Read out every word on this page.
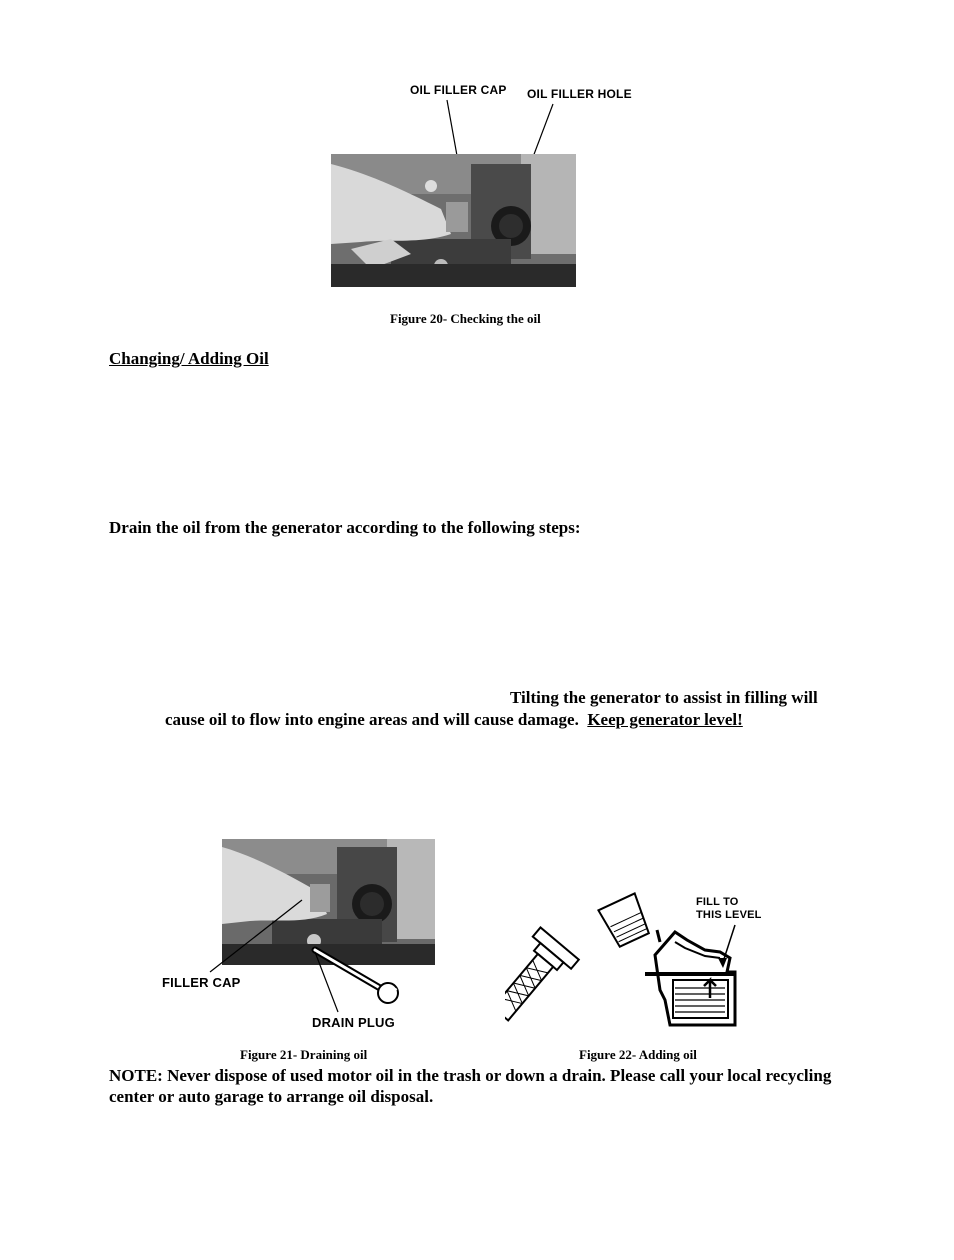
OIL FILLER CAP OIL FILLER HOLE
Figure 20- Checking the oil
Changing/ Adding Oil
Drain the oil from the generator according to the following steps:
Tilting the generator to assist in filling will
cause oil to flow into engine areas and will cause damage. Keep generator level!
FILLER CAP
DRAIN PLUG
Figure 21- Draining oil
FILL TO
THIS LEVEL
Figure 22- Adding oil
NOTE: Never dispose of used motor oil in the trash or down a drain. Please call your local recycling center or auto garage to arrange oil disposal.
